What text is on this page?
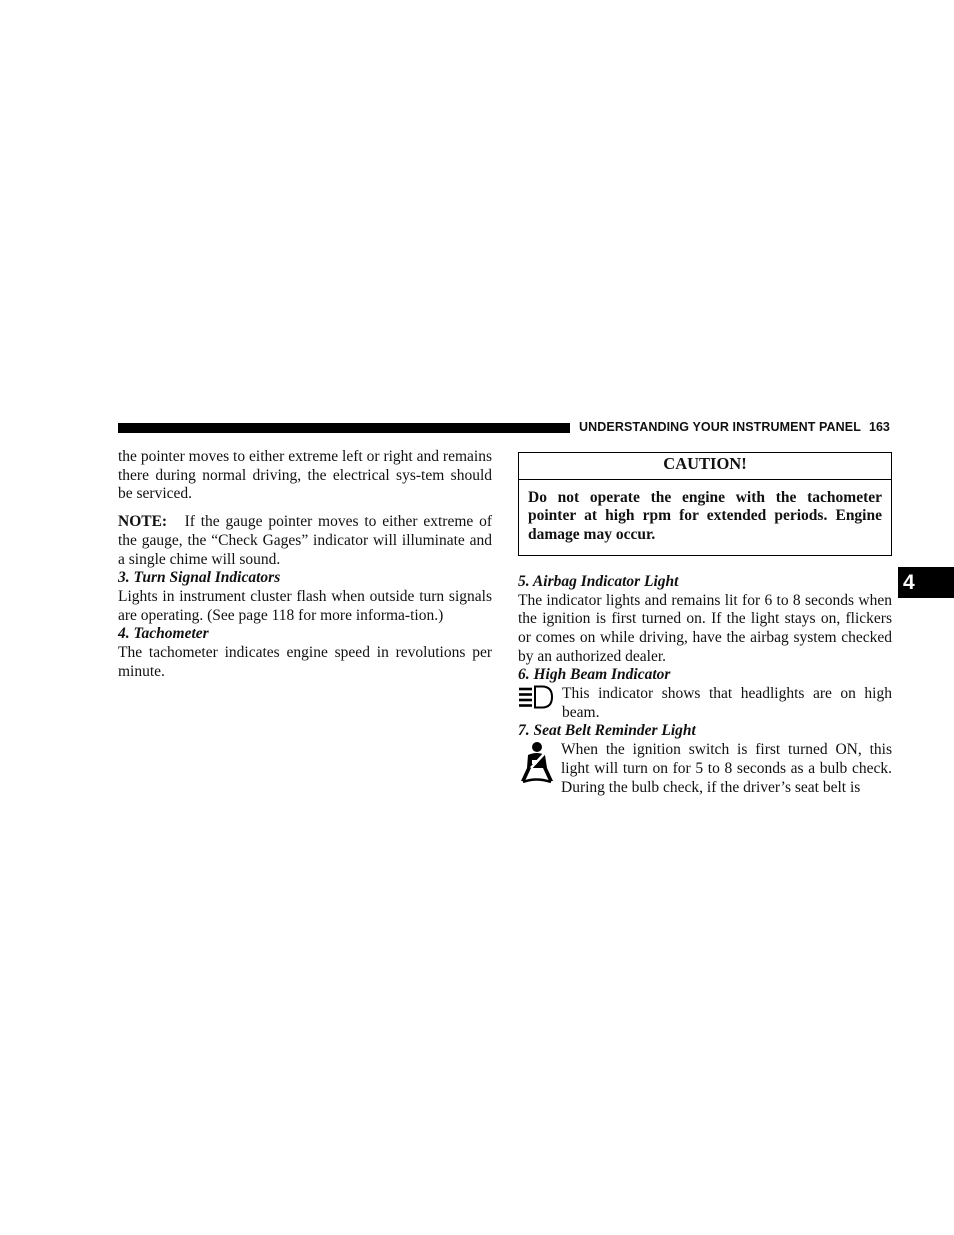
UNDERSTANDING YOUR INSTRUMENT PANEL 163
4

the pointer moves to either extreme left or right and remains there during normal driving, the electrical sys-tem should be serviced.

NOTE: If the gauge pointer moves to either extreme of the gauge, the “Check Gages” indicator will illuminate and a single chime will sound.

3. Turn Signal Indicators

Lights in instrument cluster flash when outside turn signals are operating. (See page 118 for more informa-tion.)

4. Tachometer

The tachometer indicates engine speed in revolutions per minute.

CAUTION!
Do not operate the engine with the tachometer pointer at high rpm for extended periods. Engine damage may occur.

5. Airbag Indicator Light

The indicator lights and remains lit for 6 to 8 seconds when the ignition is first turned on. If the light stays on, flickers or comes on while driving, have the airbag system checked by an authorized dealer.

6. High Beam Indicator

This indicator shows that headlights are on high beam.

7. Seat Belt Reminder Light

When the ignition switch is first turned ON, this light will turn on for 5 to 8 seconds as a bulb check. During the bulb check, if the driver’s seat belt is
